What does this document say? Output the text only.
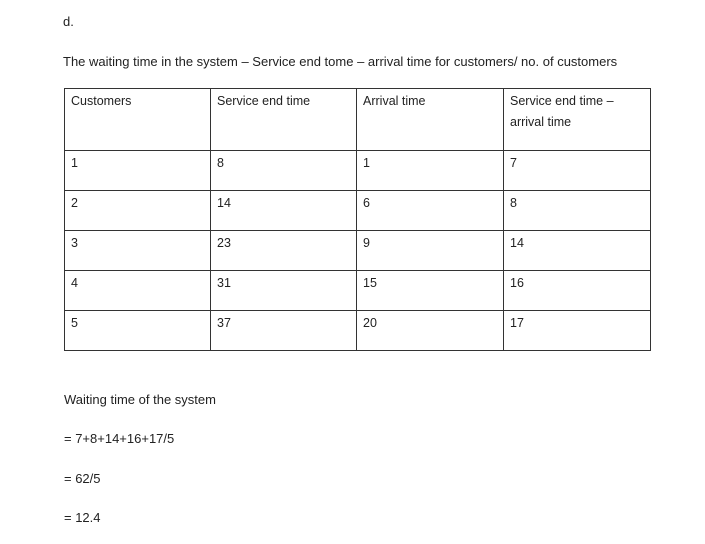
d.
The waiting time in the system – Service end tome – arrival time for customers/ no. of customers
Customers	Service end time	Arrival time	Service end time – arrival time
1	8	1	7
2	14	6	8
3	23	9	14
4	31	15	16
5	37	20	17
Waiting time of the system
= 7+8+14+16+17/5
= 62/5
= 12.4
